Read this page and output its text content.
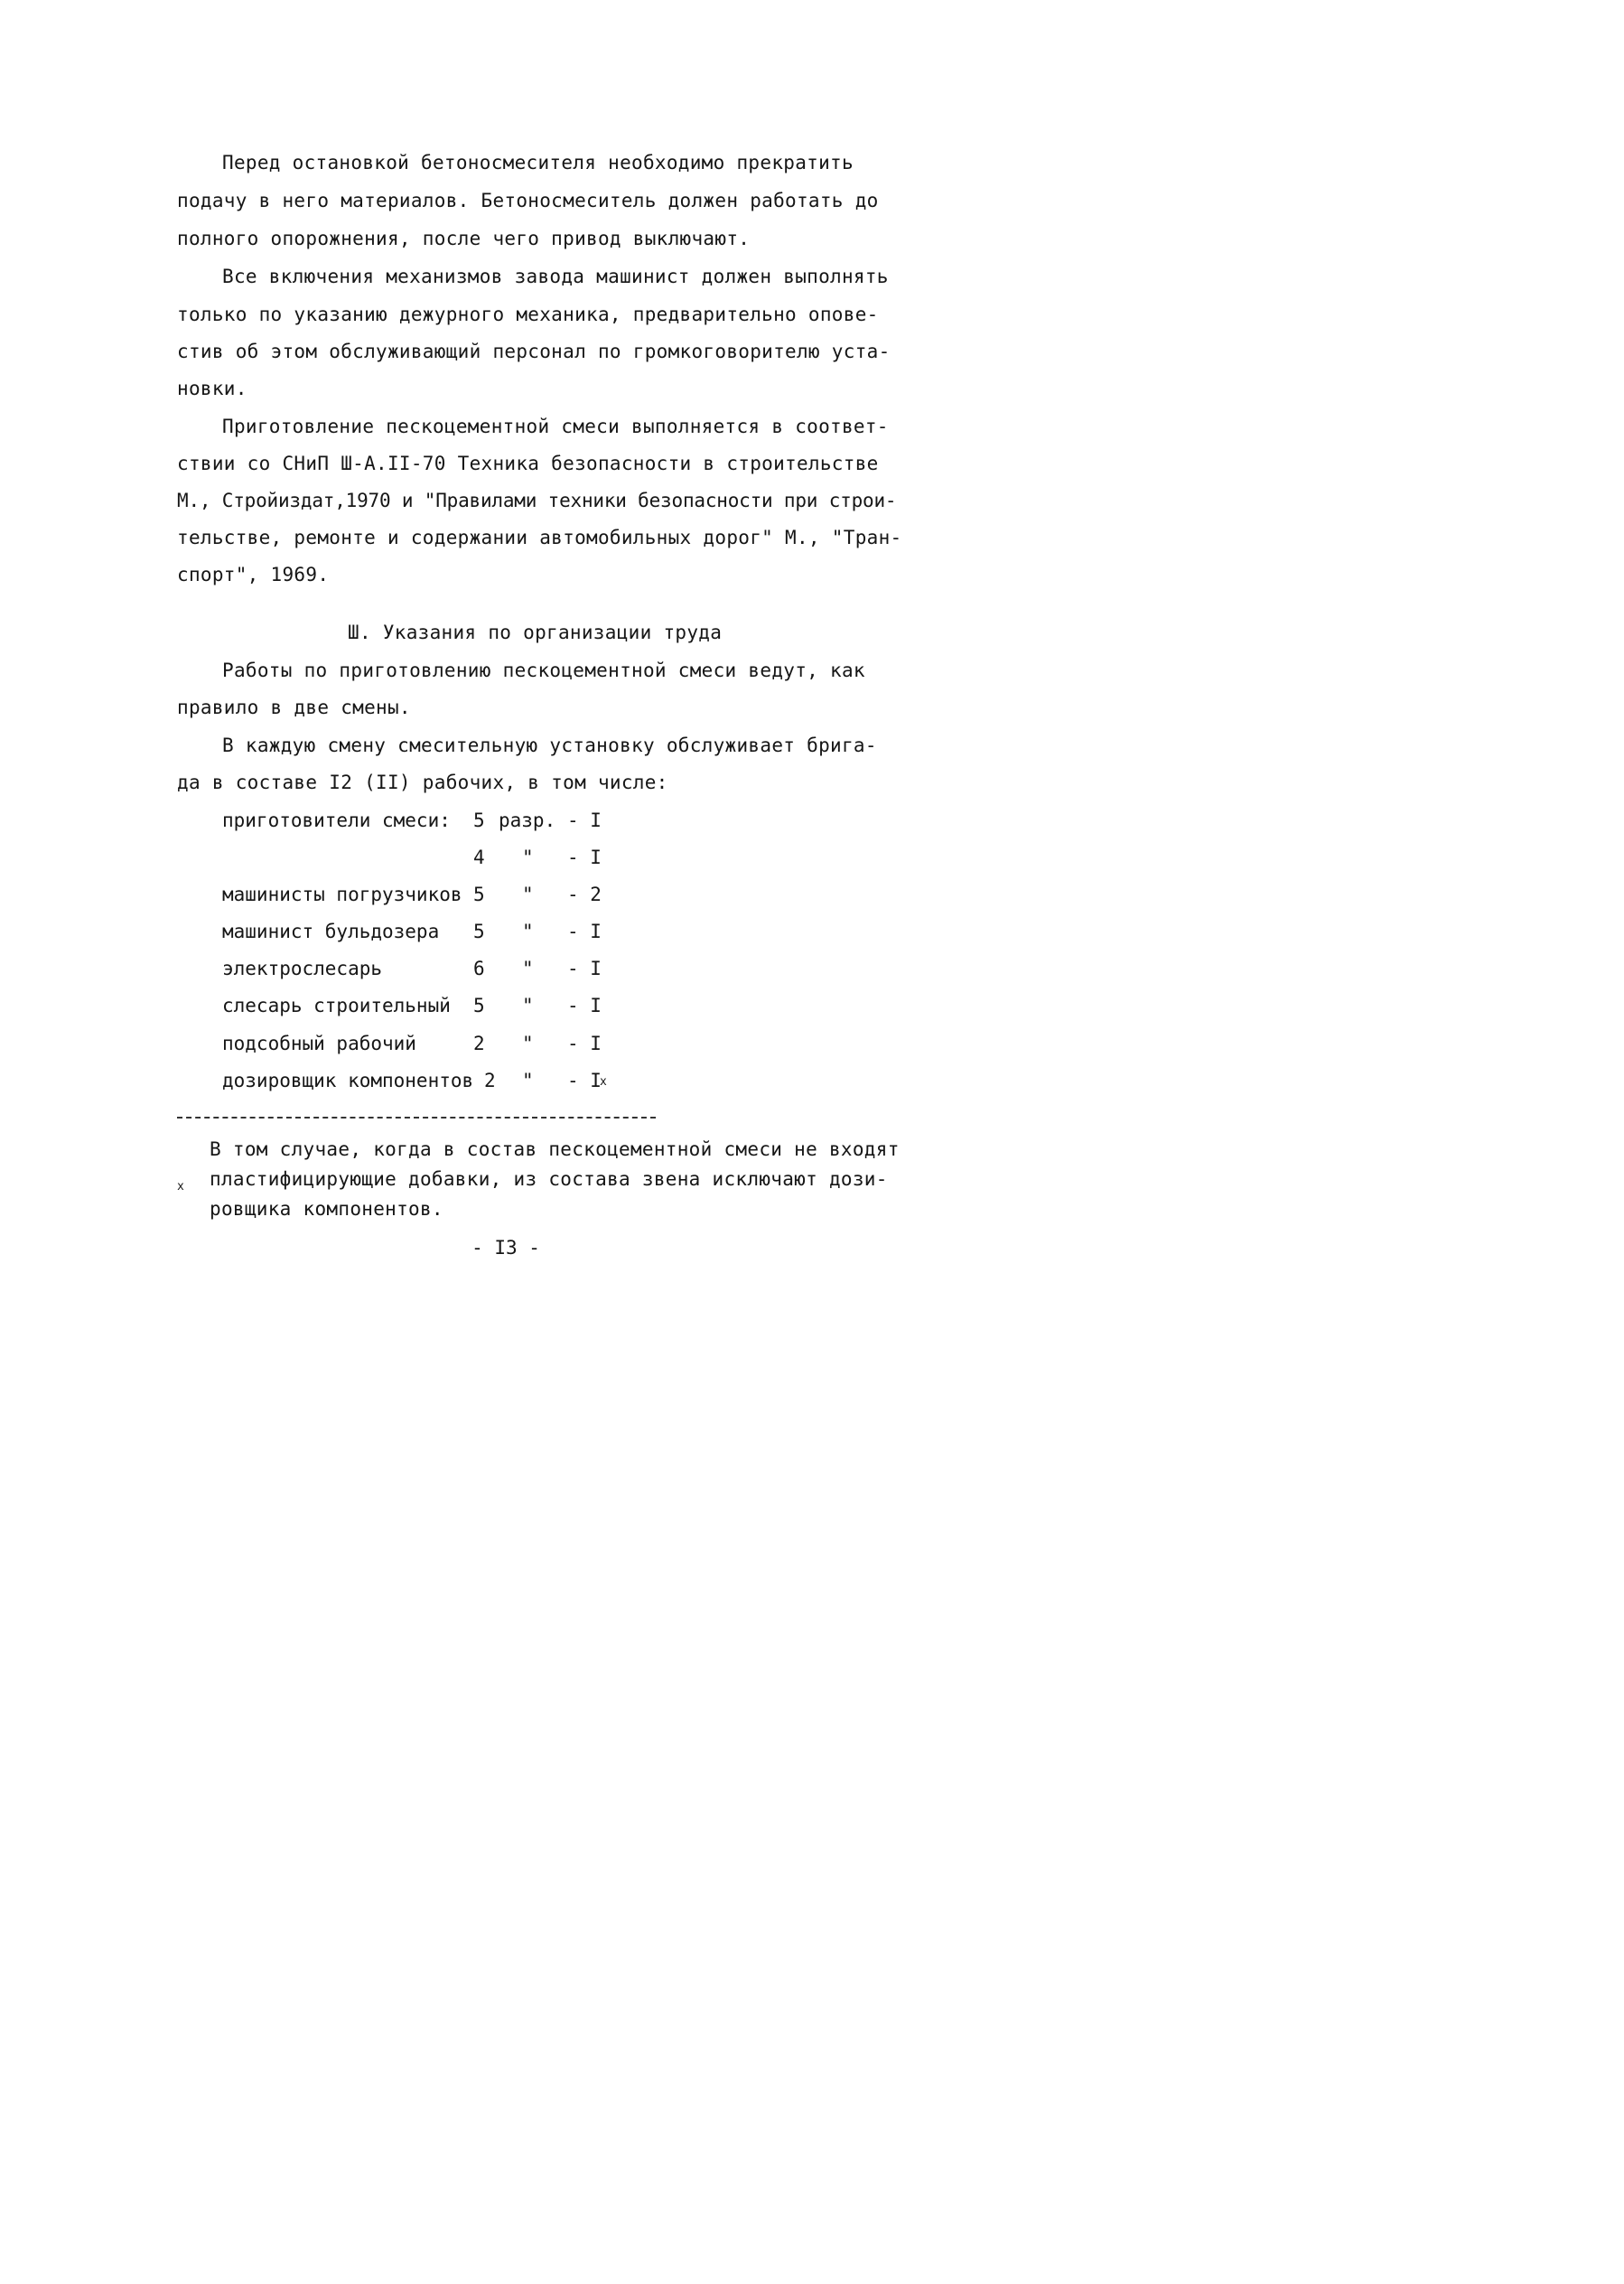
Перед остановкой бетоносмесителя необходимо прекратить
подачу в него материалов. Бетоносмеситель должен работать до
полного опорожнения, после чего привод выключают.
Все включения механизмов завода машинист должен выполнять
только по указанию дежурного механика, предварительно опове-
стив об этом обслуживающий персонал по громкоговорителю уста-
новки.
Приготовление пескоцементной смеси выполняется в соответ-
ствии со СНиП Ш-А.II-70 Техника безопасности в строительстве
М., Стройиздат,1970 и "Правилами техники безопасности при строи-
тельстве, ремонте и содержании автомобильных дорог" М., "Тран-
спорт", 1969.
Ш. Указания по организации труда
Работы по приготовлению пескоцементной смеси ведут, как
правило в две смены.
В каждую смену смесительную установку обслуживает брига-
да в составе I2 (II) рабочих, в том числе:
приготовители смеси: 5 разр. - I
4 " - I
машинисты погрузчиков 5 " - 2
машинист бульдозера 5 " - I
электрослесарь	6 " - I
слесарь строительный 5 " - I
подсобный рабочий	2 " - I
дозировщик компонентов 2 " - I
$_x$
$_x$
В том случае, когда в состав пескоцементной смеси не входят
пластифицирующие добавки, из состава звена исключают дози-
ровщика компонентов.
- I3 -
